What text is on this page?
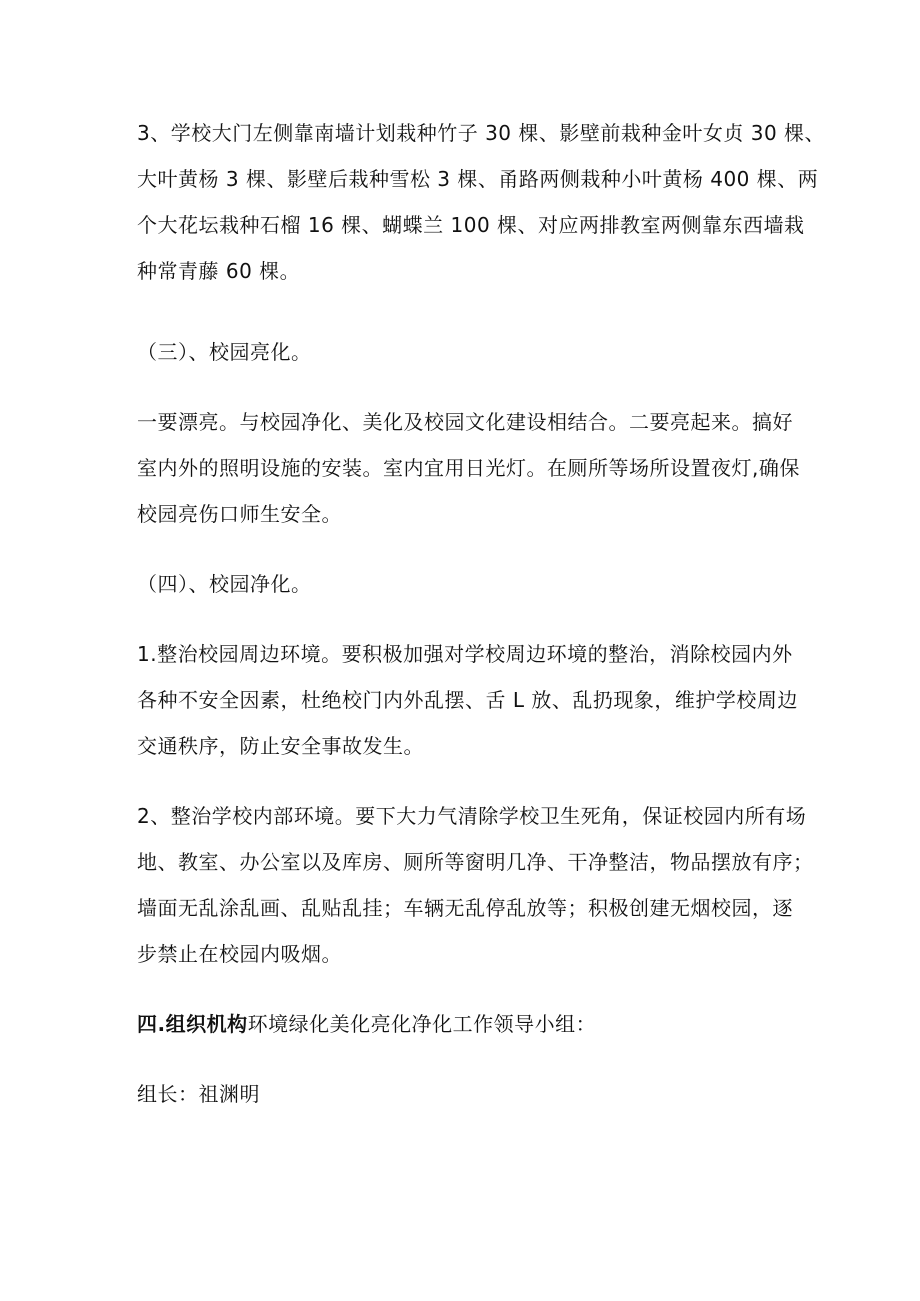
3、学校大门左侧靠南墙计划栽种竹子 30 棵、影壁前栽种金叶女贞 30 棵、
大叶黄杨 3 棵、影壁后栽种雪松 3 棵、甬路两侧栽种小叶黄杨 400 棵、两
个大花坛栽种石榴 16 棵、蝴蝶兰 100 棵、对应两排教室两侧靠东西墙栽
种常青藤 60 棵。
（三）、校园亮化。
一要漂亮。与校园净化、美化及校园文化建设相结合。二要亮起来。搞好
室内外的照明设施的安装。室内宜用日光灯。在厕所等场所设置夜灯,确保
校园亮伤口师生安全。
（四）、校园净化。
1.整治校园周边环境。要积极加强对学校周边环境的整治，消除校园内外
各种不安全因素，杜绝校门内外乱摆、舌 L 放、乱扔现象，维护学校周边
交通秩序，防止安全事故发生。
2、整治学校内部环境。要下大力气清除学校卫生死角，保证校园内所有场
地、教室、办公室以及库房、厕所等窗明几净、干净整洁，物品摆放有序；
墙面无乱涂乱画、乱贴乱挂；车辆无乱停乱放等；积极创建无烟校园，逐
步禁止在校园内吸烟。
四.组织机构环境绿化美化亮化净化工作领导小组：
组长：祖渊明
